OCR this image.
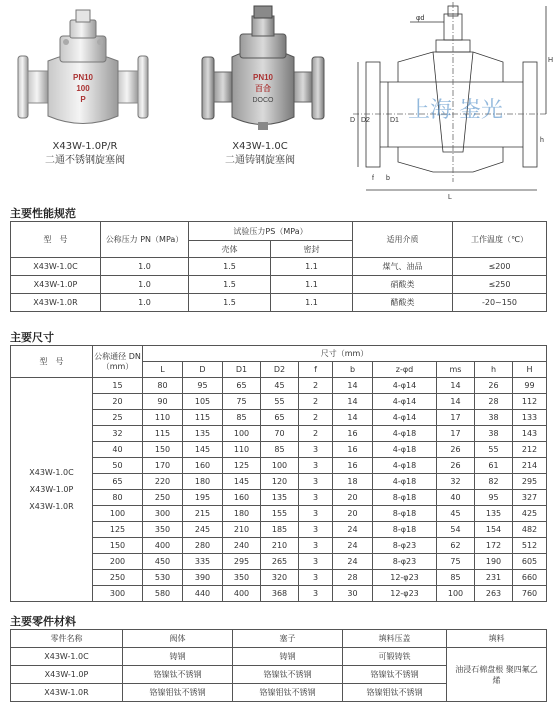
PN10
100
P
X43W-1.0P/R
二通不锈钢旋塞阀
PN10
百合
DOCO
X43W-1.0C
二通铸钢旋塞阀
φd
D2	D1
D
f b
L
H
h
上海 崟光
主要性能规范
型　号	公称压力 PN（MPa）	试验压力PS（MPa）		适用介质	工作温度（℃）
		壳体	密封		
X43W-1.0C	1.0	1.5	1.1	煤气、油品	≤200
X43W-1.0P	1.0	1.5	1.1	硝酸类	≤250
X43W-1.0R	1.0	1.5	1.1	醋酸类	-20~150
主要尺寸
型　号	公称通径 DN（mm）	尺寸（mm）									
		L	D	D1	D2	f	b	z-φd	ms	h	H

X43W-1.0C
X43W-1.0P
X43W-1.0R	15	80	95	65	45	2	14	4-φ14	14	26	99
	20	90	105	75	55	2	14	4-φ14	14	28	112
	25	110	115	85	65	2	14	4-φ14	17	38	133
	32	115	135	100	70	2	16	4-φ18	17	38	143
	40	150	145	110	85	3	16	4-φ18	26	55	212
	50	170	160	125	100	3	16	4-φ18	26	61	214
	65	220	180	145	120	3	18	4-φ18	32	82	295
	80	250	195	160	135	3	20	8-φ18	40	95	327
	100	300	215	180	155	3	20	8-φ18	45	135	425
	125	350	245	210	185	3	24	8-φ18	54	154	482
	150	400	280	240	210	3	24	8-φ23	62	172	512
	200	450	335	295	265	3	24	8-φ23	75	190	605
	250	530	390	350	320	3	28	12-φ23	85	231	660
	300	580	440	400	368	3	30	12-φ23	100	263	760
主要零件材料
零件名称	阀体	塞子	填料压盖	填料
X43W-1.0C	铸钢	铸钢	可锻铸铁	油浸石棉盘根 聚四氟乙烯
X43W-1.0P	铬镍钛不锈钢	铬镍钛不锈钢	铬镍钛不锈钢	
X43W-1.0R	铬镍钼钛不锈钢	铬镍钼钛不锈钢	铬镍钼钛不锈钢	
